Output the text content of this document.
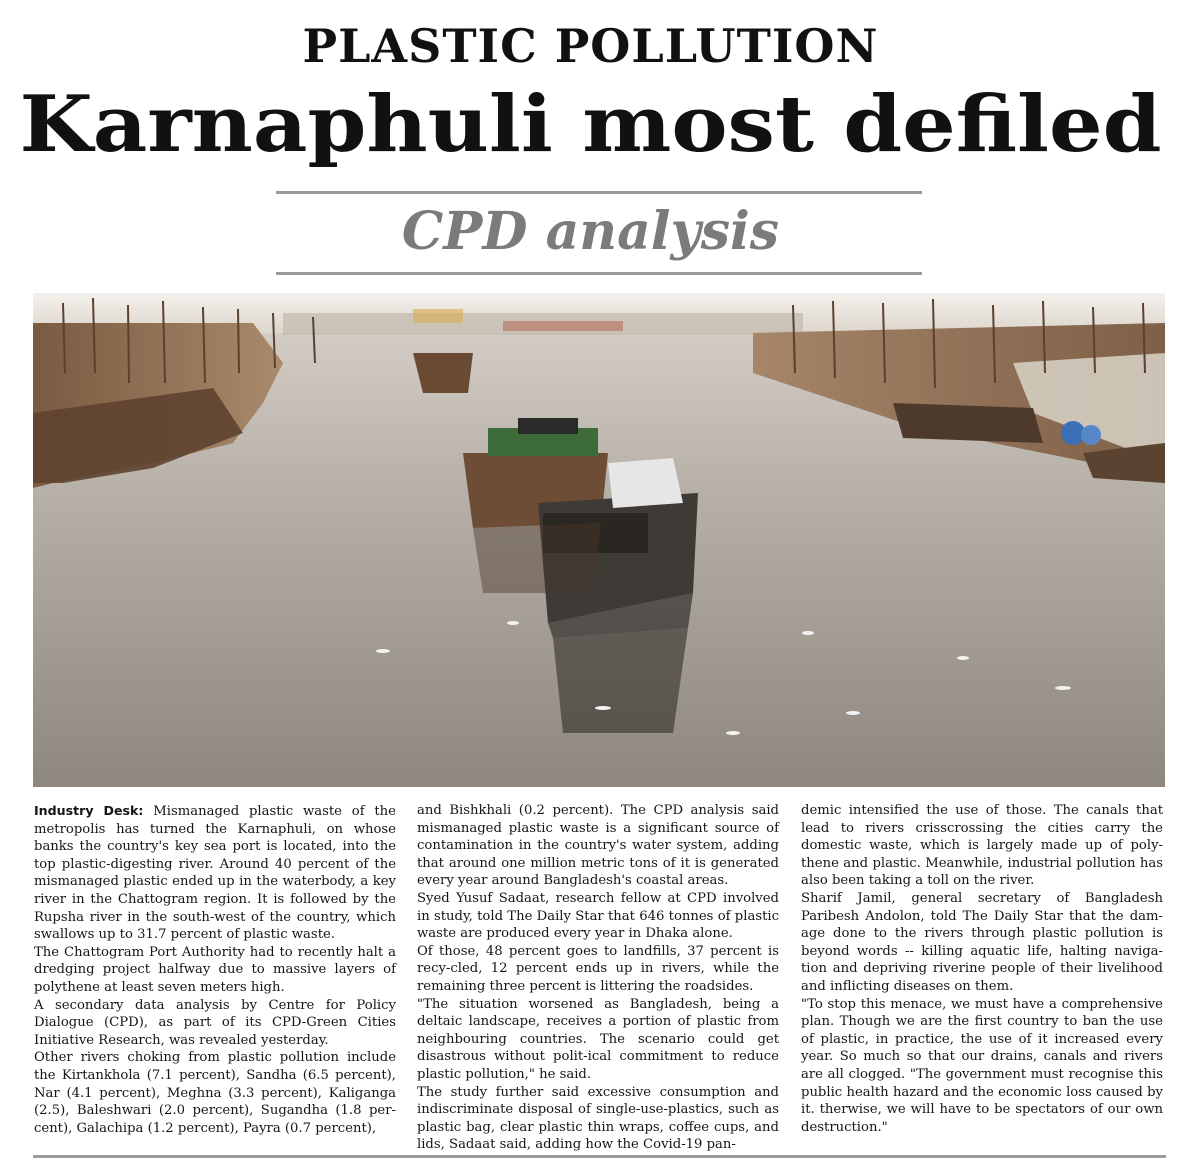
PLASTIC POLLUTION
Karnaphuli most defiled
CPD analysis

Industry Desk: Mismanaged plastic waste of the metropolis has turned the Karnaphuli, on whose banks the country's key sea port is located, into the top plastic-digesting river. Around 40 percent of the mismanaged plastic ended up in the waterbody, a key river in the Chattogram region. It is followed by the Rupsha river in the south-west of the country, which swallows up to 31.7 percent of plastic waste.

The Chattogram Port Authority had to recently halt a dredging project halfway due to massive layers of polythene at least seven meters high.

A secondary data analysis by Centre for Policy Dialogue (CPD), as part of its CPD-Green Cities Initiative Research, was revealed yesterday.

Other rivers choking from plastic pollution include the Kirtankhola (7.1 percent), Sandha (6.5 percent), Nar (4.1 percent), Meghna (3.3 percent), Kaliganga (2.5), Baleshwari (2.0 percent), Sugandha (1.8 per-cent), Galachipa (1.2 percent), Payra (0.7 percent),

and Bishkhali (0.2 percent). The CPD analysis said mismanaged plastic waste is a significant source of contamination in the country's water system, adding that around one million metric tons of it is generated every year around Bangladesh's coastal areas.

Syed Yusuf Sadaat, research fellow at CPD involved in study, told The Daily Star that 646 tonnes of plastic waste are produced every year in Dhaka alone.

Of those, 48 percent goes to landfills, 37 percent is recy-cled, 12 percent ends up in rivers, while the remaining three percent is littering the roadsides.

"The situation worsened as Bangladesh, being a deltaic landscape, receives a portion of plastic from neighbouring countries. The scenario could get disastrous without polit-ical commitment to reduce plastic pollution," he said.

The study further said excessive consumption and indiscriminate disposal of single-use-plastics, such as plastic bag, clear plastic thin wraps, coffee cups, and lids, Sadaat said, adding how the Covid-19 pan-

demic intensified the use of those. The canals that lead to rivers crisscrossing the cities carry the domestic waste, which is largely made up of poly-thene and plastic. Meanwhile, industrial pollution has also been taking a toll on the river.

Sharif Jamil, general secretary of Bangladesh Paribesh Andolon, told The Daily Star that the dam-age done to the rivers through plastic pollution is beyond words -- killing aquatic life, halting naviga-tion and depriving riverine people of their livelihood and inflicting diseases on them.

"To stop this menace, we must have a comprehensive plan. Though we are the first country to ban the use of plastic, in practice, the use of it increased every year. So much so that our drains, canals and rivers are all clogged. "The government must recognise this public health hazard and the economic loss caused by it. therwise, we will have to be spectators of our own destruction."
